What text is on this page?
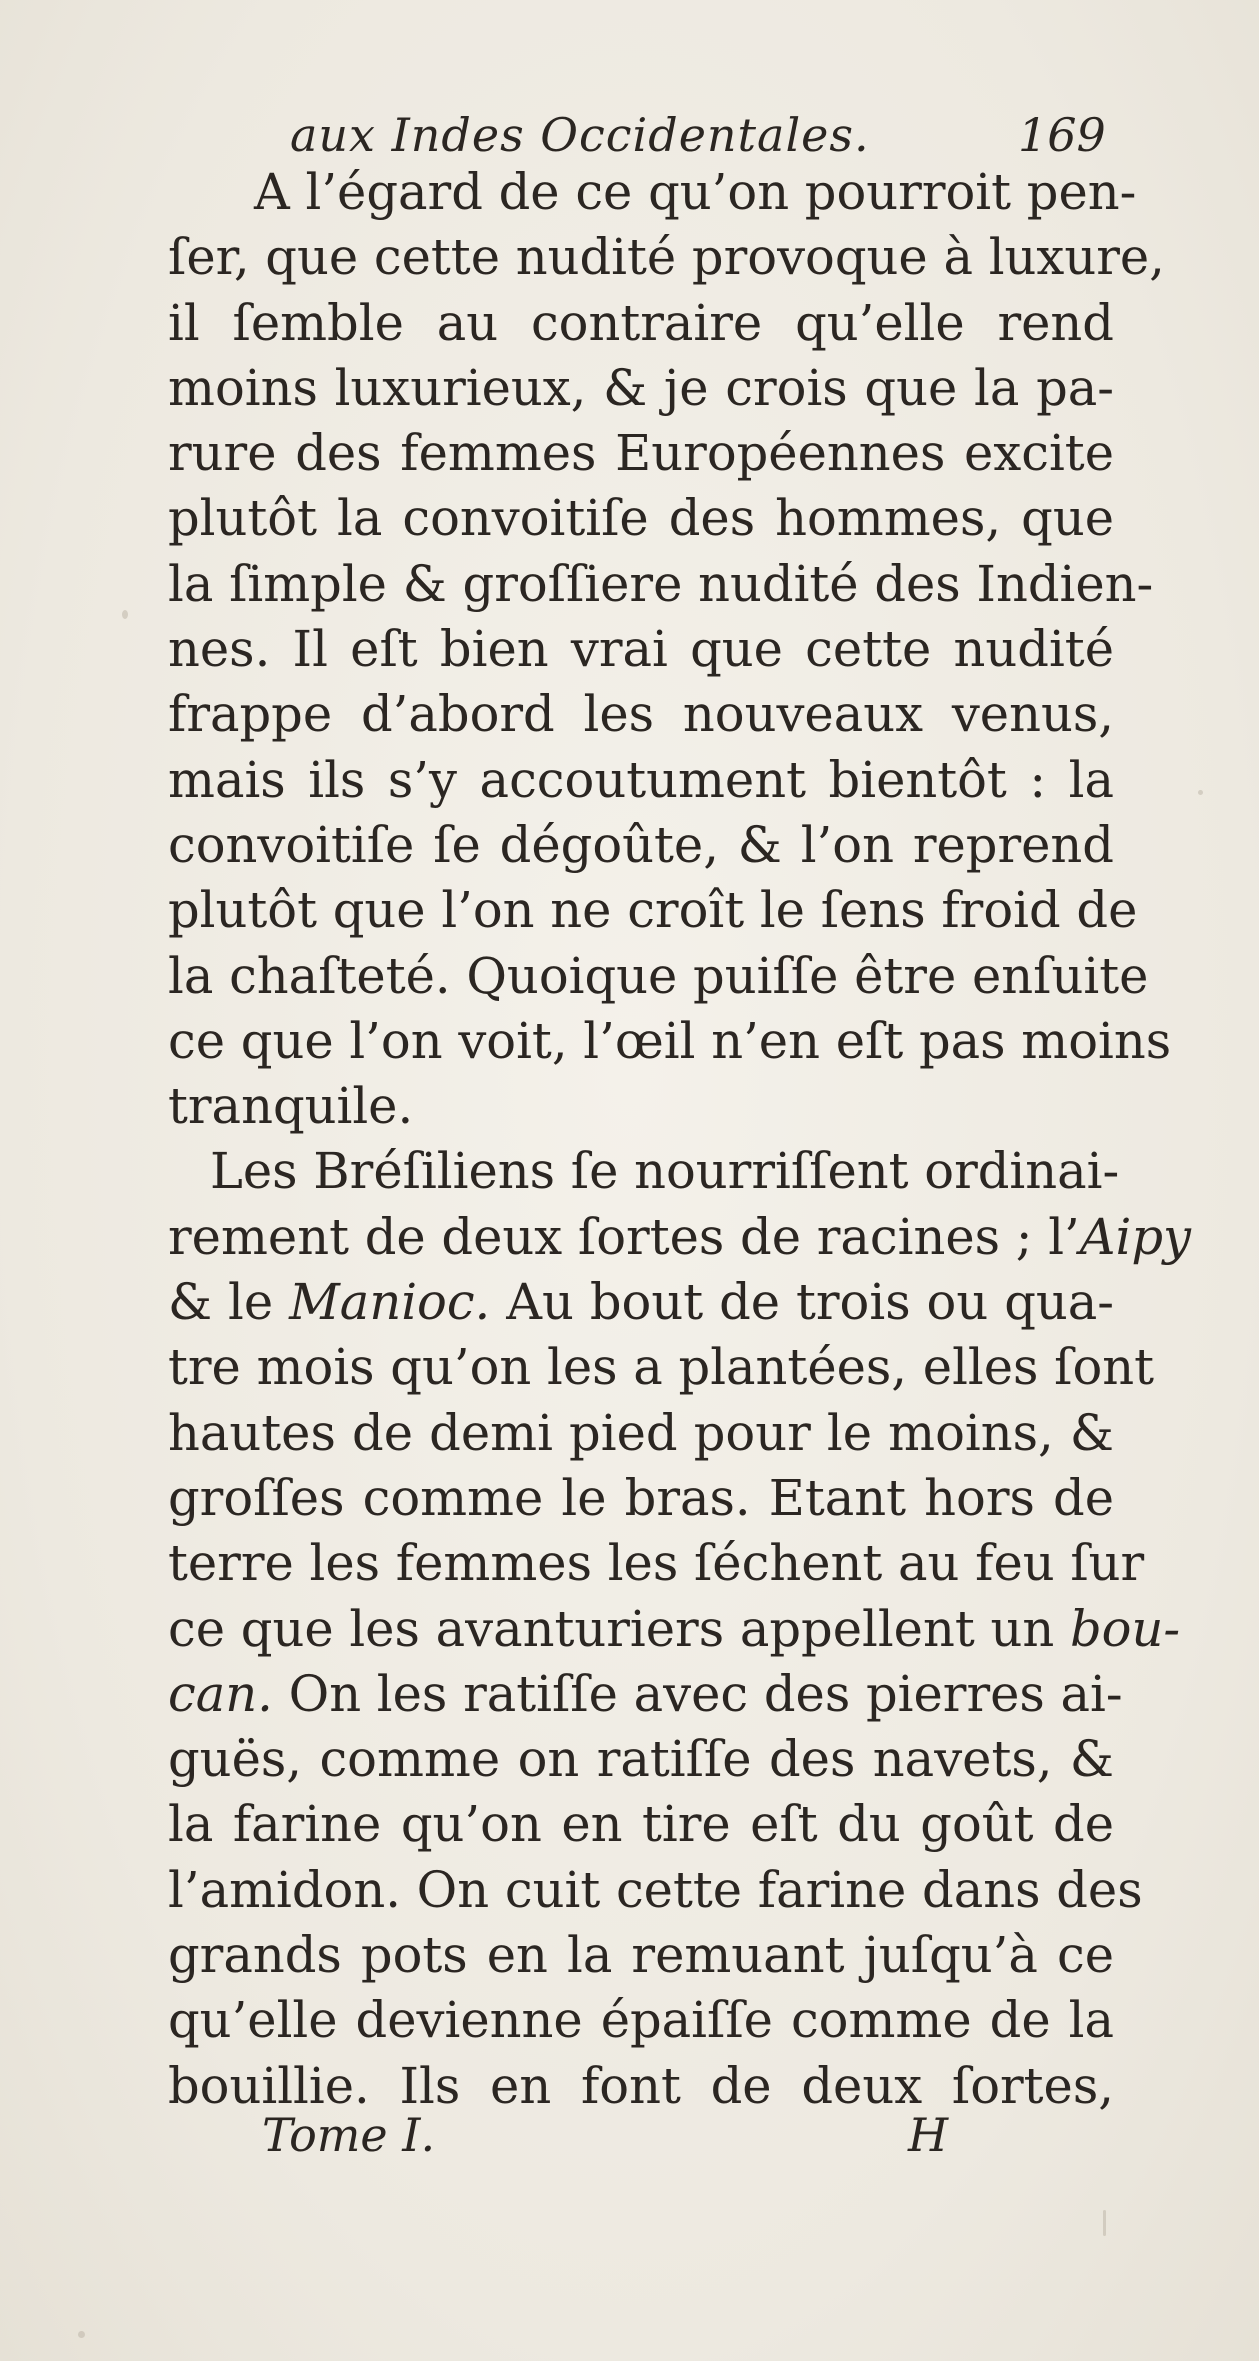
aux Indes Occidentales.	169
A l’égard de ce qu’on pourroit pen-
ſer, que cette nudité provoque à luxure,
il ſemble au contraire qu’elle rend
moins luxurieux, & je crois que la pa-
rure des femmes Européennes excite
plutôt la convoitiſe des hommes, que
la ſimple & groſſiere nudité des Indien-
nes. Il eſt bien vrai que cette nudité
frappe d’abord les nouveaux venus,
mais ils s’y accoutument bientôt : la
convoitiſe ſe dégoûte, & l’on reprend
plutôt que l’on ne croît le ſens froid de
la chaſteté. Quoique puiſſe être enſuite
ce que l’on voit, l’œil n’en eſt pas moins
tranquile.
Les Bréſiliens ſe nourriſſent ordinai-
rement de deux ſortes de racines ; l’Aipy
& le Manioc. Au bout de trois ou qua-
tre mois qu’on les a plantées, elles ſont
hautes de demi pied pour le moins, &
groſſes comme le bras. Etant hors de
terre les femmes les ſéchent au feu ſur
ce que les avanturiers appellent un bou-
can. On les ratiſſe avec des pierres ai-
guës, comme on ratiſſe des navets, &
la farine qu’on en tire eſt du goût de
l’amidon. On cuit cette farine dans des
grands pots en la remuant juſqu’à ce
qu’elle devienne épaiſſe comme de la
bouillie. Ils en font de deux ſortes,
Tome I.	H
